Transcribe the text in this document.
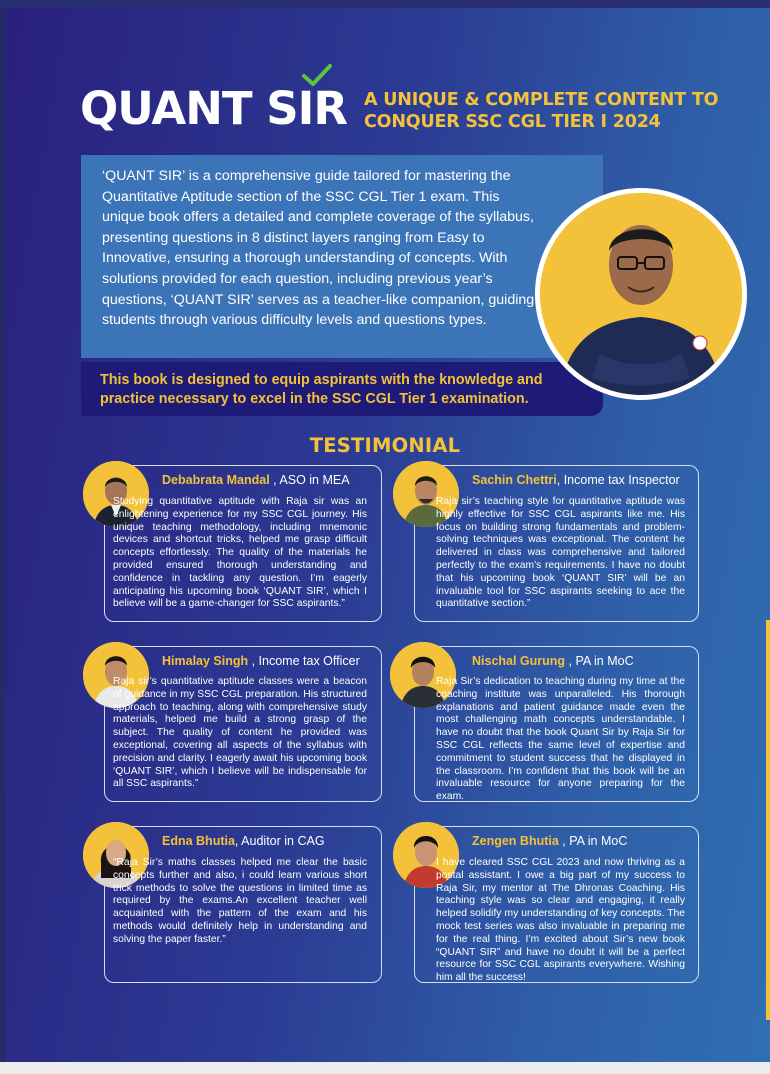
QUANT SIR A UNIQUE & COMPLETE CONTENT TO
CONQUER SSC CGL TIER I 2024
‘QUANT SIR’ is a comprehensive guide tailored for mastering the Quantitative Aptitude section of the SSC CGL Tier 1 exam. This unique book offers a detailed and complete coverage of the syllabus, presenting questions in 8 distinct layers ranging from Easy to Innovative, ensuring a thorough understanding of concepts. With solutions provided for each question, including previous year’s questions, ‘QUANT SIR’ serves as a teacher-like companion, guiding students through various difficulty levels and questions types.
This book is designed to equip aspirants with the knowledge and practice necessary to excel in the SSC CGL Tier 1 examination.
TESTIMONIAL
Debabrata Mandal , ASO in MEA
Studying quantitative aptitude with Raja sir was an enlightening experience for my SSC CGL journey. His unique teaching methodology, including mnemonic devices and shortcut tricks, helped me grasp difficult concepts effortlessly. The quality of the materials he provided ensured thorough understanding and confidence in tackling any question. I’m eagerly anticipating his upcoming book ‘QUANT SIR’, which I believe will be a game-changer for SSC aspirants.”
Sachin Chettri, Income tax Inspector
Raja sir’s teaching style for quantitative aptitude was highly effective for SSC CGL aspirants like me. His focus on building strong fundamentals and problem-solving techniques was exceptional. The content he delivered in class was comprehensive and tailored perfectly to the exam’s requirements. I have no doubt that his upcoming book ‘QUANT SIR’ will be an invaluable tool for SSC aspirants seeking to ace the quantitative section.”
Himalay Singh , Income tax Officer
Raja sir’s quantitative aptitude classes were a beacon of guidance in my SSC CGL preparation. His structured approach to teaching, along with comprehensive study materials, helped me build a strong grasp of the subject. The quality of content he provided was exceptional, covering all aspects of the syllabus with precision and clarity. I eagerly await his upcoming book ‘QUANT SIR’, which I believe will be indispensable for all SSC aspirants.”
Nischal Gurung , PA in MoC
Raja Sir’s dedication to teaching during my time at the coaching institute was unparalleled. His thorough explanations and patient guidance made even the most challenging math concepts understandable. I have no doubt that the book Quant Sir by Raja Sir for SSC CGL reflects the same level of expertise and commitment to student success that he displayed in the classroom. I’m confident that this book will be an invaluable resource for anyone preparing for the exam.
Edna Bhutia, Auditor in CAG
“Raja Sir’s maths classes helped me clear the basic concepts further and also, i could learn various short trick methods to solve the questions in limited time as required by the exams.An excellent teacher well acquainted with the pattern of the exam and his methods would definitely help in understanding and solving the paper faster.”
Zengen Bhutia , PA in MoC
I have cleared SSC CGL 2023 and now thriving as a postal assistant. I owe a big part of my success to Raja Sir, my mentor at The Dhronas Coaching. His teaching style was so clear and engaging, it really helped solidify my understanding of key concepts. The mock test series was also invaluable in preparing me for the real thing. I’m excited about Sir’s new book “QUANT SIR” and have no doubt it will be a perfect resource for SSC CGL aspirants everywhere. Wishing him all the success!
